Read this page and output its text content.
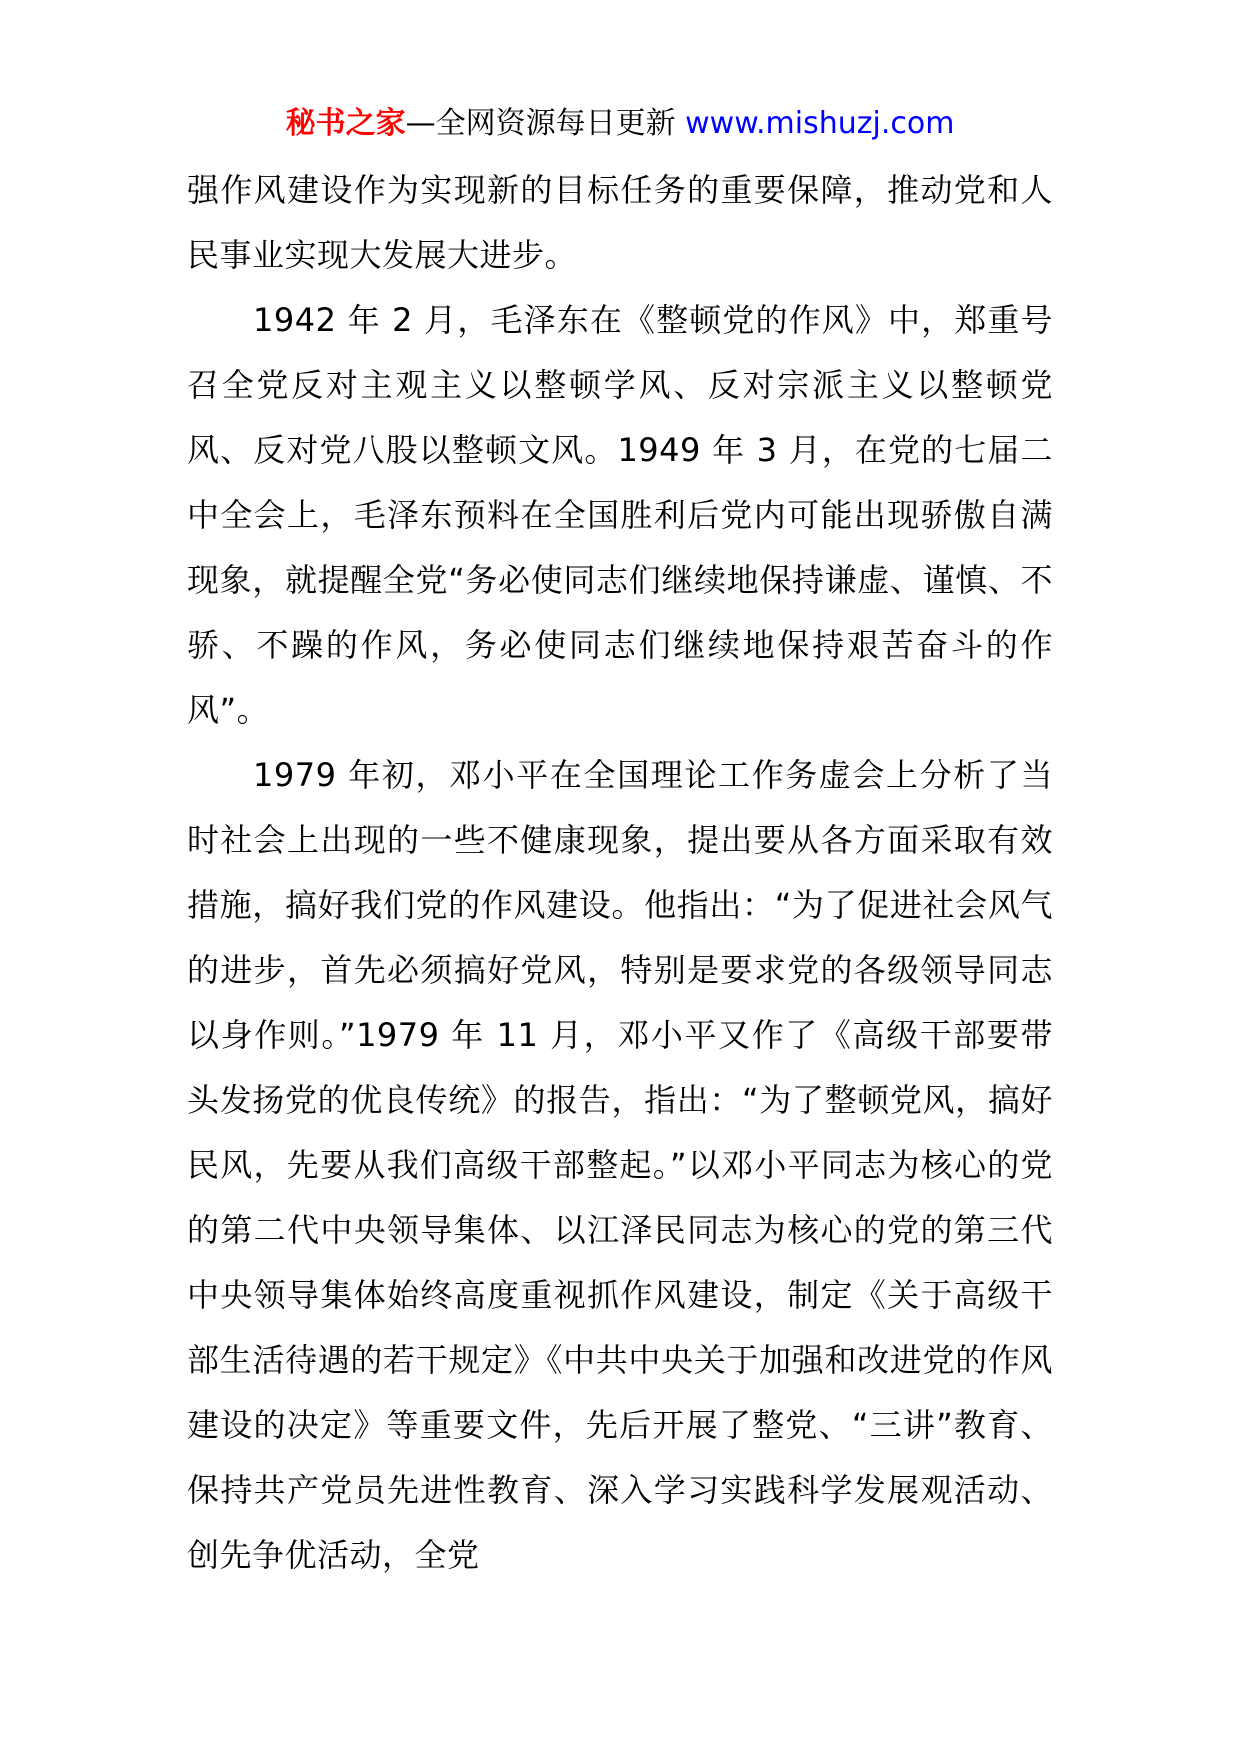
秘书之家—全网资源每日更新 www.mishuzj.com

强作风建设作为实现新的目标任务的重要保障，推动党和人民事业实现大发展大进步。

1942 年 2 月，毛泽东在《整顿党的作风》中，郑重号召全党反对主观主义以整顿学风、反对宗派主义以整顿党风、反对党八股以整顿文风。1949 年 3 月，在党的七届二中全会上，毛泽东预料在全国胜利后党内可能出现骄傲自满现象，就提醒全党“务必使同志们继续地保持谦虚、谨慎、不骄、不躁的作风，务必使同志们继续地保持艰苦奋斗的作风”。

1979 年初，邓小平在全国理论工作务虚会上分析了当时社会上出现的一些不健康现象，提出要从各方面采取有效措施，搞好我们党的作风建设。他指出：“为了促进社会风气的进步，首先必须搞好党风，特别是要求党的各级领导同志以身作则。”1979 年 11 月，邓小平又作了《高级干部要带头发扬党的优良传统》的报告，指出：“为了整顿党风，搞好民风，先要从我们高级干部整起。”以邓小平同志为核心的党的第二代中央领导集体、以江泽民同志为核心的党的第三代中央领导集体始终高度重视抓作风建设，制定《关于高级干部生活待遇的若干规定》《中共中央关于加强和改进党的作风建设的决定》等重要文件，先后开展了整党、“三讲”教育、保持共产党员先进性教育、深入学习实践科学发展观活动、创先争优活动，全党
